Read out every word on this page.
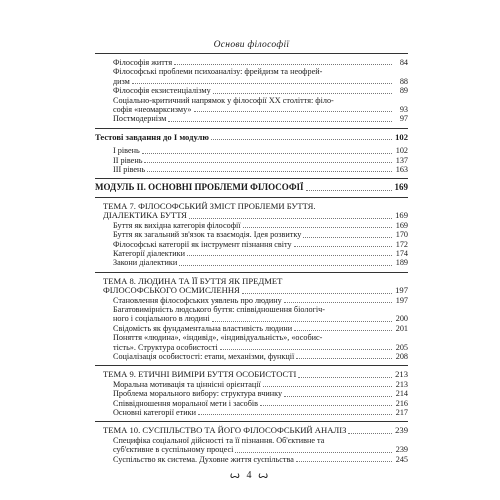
Основи філософії
Філософія життя	84
Філософські проблеми психоаналізу: фрейдизм та неофрей-
дизм	88
Філософія екзистенціалізму	89
Соціально-критичний напрямок у філософії XX століття: філо-
софія «неомарксизму»	93
Постмодернізм	97
Тестові завдання до І модулю	102
І рівень	102
ІІ рівень	137
ІІІ рівень	163
МОДУЛЬ ІІ. ОСНОВНІ ПРОБЛЕМИ ФІЛОСОФІЇ	169
ТЕМА 7. ФІЛОСОФСЬКИЙ ЗМІСТ ПРОБЛЕМИ БУТТЯ.
ДІАЛЕКТИКА БУТТЯ	169
Буття як вихідна категорія філософії	169
Буття як загальний зв'язок та взаємодія. Ідея розвитку	170
Філософські категорії як інструмент пізнання світу	172
Категорії діалектики	174
Закони діалектики	189
ТЕМА 8. ЛЮДИНА ТА ЇЇ БУТТЯ ЯК ПРЕДМЕТ
ФІЛОСОФСЬКОГО ОСМИСЛЕННЯ	197
Становлення філософських уявлень про людину	197
Багатовимірність людського буття: співвідношення біологіч-
ного і соціального в людині	200
Свідомість як фундаментальна властивість людини	201
Поняття «людина», «індивід», «індивідуальність», «особис-
тість». Структура особистості	205
Соціалізація особистості: етапи, механізми, функції	208
ТЕМА 9. ЕТИЧНІ ВИМІРИ БУТТЯ ОСОБИСТОСТІ	213
Моральна мотивація та ціннісні орієнтації	213
Проблема морального вибору: структура вчинку	214
Співвідношення моральної мети і засобів	216
Основні категорії етики	217
ТЕМА 10. СУСПІЛЬСТВО ТА ЙОГО ФІЛОСОФСЬКИЙ АНАЛІЗ	239
Специфіка соціальної дійсності та її пізнання. Об'єктивне та
суб'єктивне в суспільному процесі	239
Суспільство як система. Духовне життя суспільства	245
ꙍ 4 ꙍ
